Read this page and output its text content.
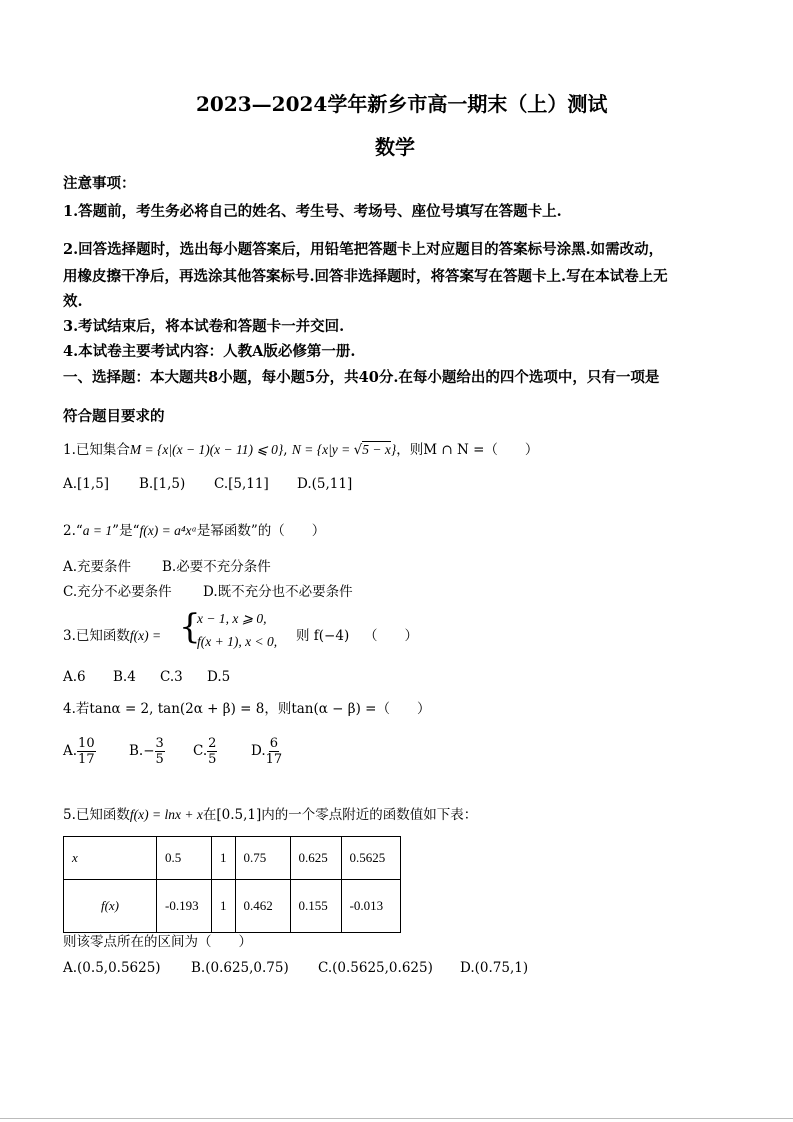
2023—2024学年新乡市高一期末（上）测试
数学
注意事项：
1.答题前，考生务必将自己的姓名、考生号、考场号、座位号填写在答题卡上.
2.回答选择题时，选出每小题答案后，用铅笔把答题卡上对应题目的答案标号涂黑.如需改动，
用橡皮擦干净后，再选涂其他答案标号.回答非选择题时，将答案写在答题卡上.写在本试卷上无
效.
3.考试结束后，将本试卷和答题卡一并交回.
4.本试卷主要考试内容：人教A版必修第一册.
一、选择题：本大题共8小题，每小题5分，共40分.在每小题给出的四个选项中，只有一项是
符合题目要求的
1.已知集合M = {x|(x − 1)(x − 11) ⩽ 0}, N = {x|y = √5 − x}，则M ∩ N =（　　）
A.[1,5] B.[1,5) C.[5,11] D.(5,11]
2.“a = 1”是“f(x) = a⁴xᵃ是幂函数”的（　　）
A.充要条件 B.必要不充分条件
C.充分不必要条件 D.既不充分也不必要条件
3.已知函数f(x) = {
x − 1, x ⩾ 0,
f(x + 1), x < 0, 则 f(−4) （　　）
A.6 B.4 C.3 D.5
4.若tanα = 2, tan(2α + β) = 8，则tan(α − β) =（　　）
A. $\frac{10}{17} B.- \frac{3}{5} C$. $\frac{2}{5} D$. $\frac{6}{17}$
5.已知函数f(x) = lnx + x在[0.5,1]内的一个零点附近的函数值如下表：
x	0.5	1	0.75	0.625	0.5625
f(x)	-0.193	1	0.462	0.155	-0.013
则该零点所在的区间为（　　）
A.(0.5,0.5625) B.(0.625,0.75) C.(0.5625,0.625) D.(0.75,1)
